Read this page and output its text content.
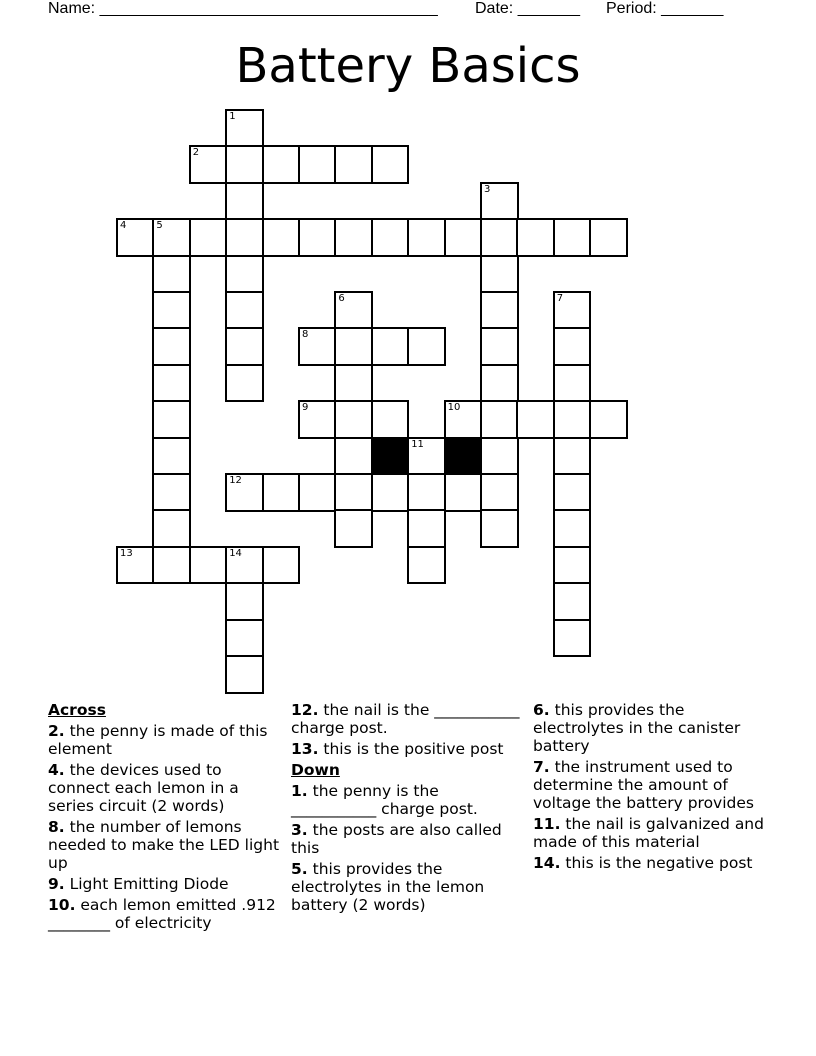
Name: ______________________________________ Date: _______ Period: _______
Battery Basics
1
2
3
4	5
6	7
8
9	10
11
12
13	14
Across
2. the penny is made of this element
4. the devices used to connect each lemon in a series circuit (2 words)
8. the number of lemons needed to make the LED light up
9. Light Emitting Diode
10. each lemon emitted .912 ________ of electricity
12. the nail is the ___________ charge post.
13. this is the positive post
Down
1. the penny is the ___________ charge post.
3. the posts are also called this
5. this provides the electrolytes in the lemon battery (2 words)
6. this provides the electrolytes in the canister battery
7. the instrument used to determine the amount of voltage the battery provides
11. the nail is galvanized and made of this material
14. this is the negative post
